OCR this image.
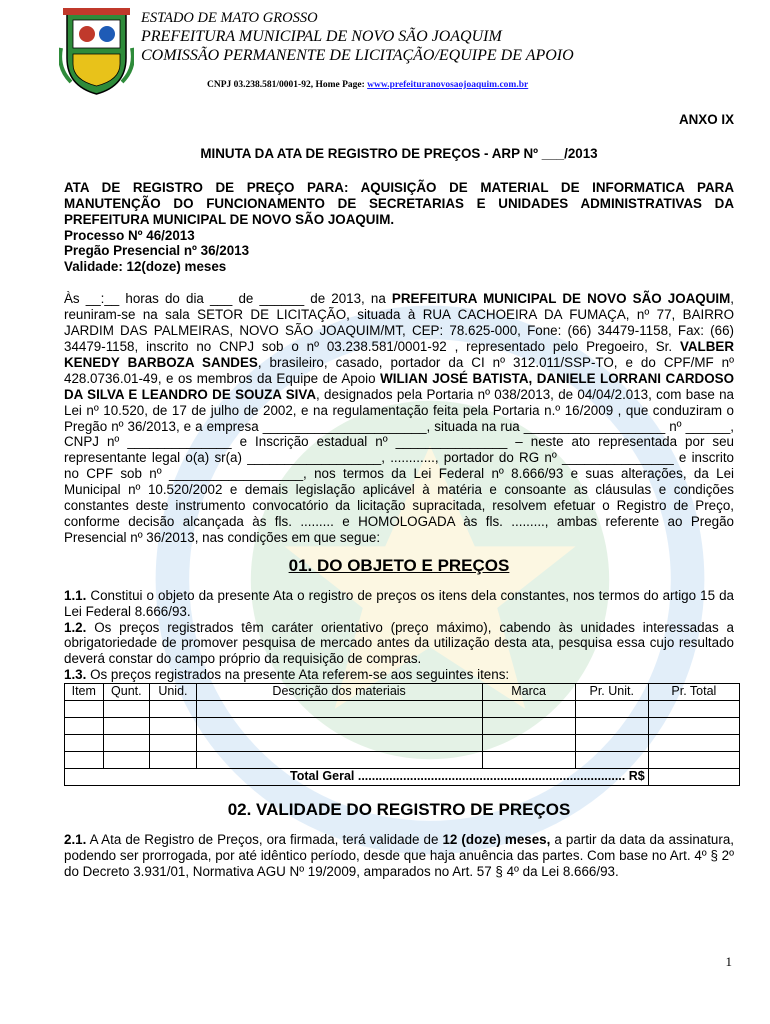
ESTADO DE MATO GROSSO
PREFEITURA MUNICIPAL DE NOVO SÃO JOAQUIM
COMISSÃO PERMANENTE DE LICITAÇÃO/EQUIPE DE APOIO
CNPJ 03.238.581/0001-92, Home Page: www.prefeituranovosaojoaquim.com.br
ANXO IX
MINUTA DA ATA DE REGISTRO DE PREÇOS - ARP Nº ___/2013
ATA DE REGISTRO DE PREÇO PARA: AQUISIÇÃO DE MATERIAL DE INFORMATICA PARA MANUTENÇÃO DO FUNCIONAMENTO DE SECRETARIAS E UNIDADES ADMINISTRATIVAS DA PREFEITURA MUNICIPAL DE NOVO SÃO JOAQUIM.
Processo Nº 46/2013
Pregão Presencial nº 36/2013
Validade: 12(doze) meses

Às __:__ horas do dia ___ de ______ de 2013, na PREFEITURA MUNICIPAL DE NOVO SÃO JOAQUIM, reuniram-se na sala SETOR DE LICITAÇÃO, situada à RUA CACHOEIRA DA FUMAÇA, nº 77, BAIRRO JARDIM DAS PALMEIRAS, NOVO SÃO JOAQUIM/MT, CEP: 78.625-000, Fone: (66) 34479-1158, Fax: (66) 34479-1158, inscrito no CNPJ sob o nº 03.238.581/0001-92 , representado pelo Pregoeiro, Sr. VALBER KENEDY BARBOZA SANDES, brasileiro, casado, portador da CI nº 312.011/SSP-TO, e do CPF/MF nº 428.0736.01-49, e os membros da Equipe de Apoio WILIAN JOSÉ BATISTA, DANIELE LORRANI CARDOSO DA SILVA E LEANDRO DE SOUZA SIVA, designados pela Portaria nº 038/2013, de 04/04/2.013, com base na Lei nº 10.520, de 17 de julho de 2002, e na regulamentação feita pela Portaria n.º 16/2009 , que conduziram o Pregão nº 36/2013, e a empresa ______________________, situada na rua ___________________ nº ______, CNPJ nº ______________ e Inscrição estadual nº _______________ – neste ato representada por seu representante legal o(a) sr(a) __________________, ............, portador do RG nº _______________ e inscrito no CPF sob nº __________________, nos termos da Lei Federal nº 8.666/93 e suas alterações, da Lei Municipal nº 10.520/2002 e demais legislação aplicável à matéria e consoante as cláusulas e condições constantes deste instrumento convocatório da licitação supracitada, resolvem efetuar o Registro de Preço, conforme decisão alcançada às fls. ......... e HOMOLOGADA às fls. ........., ambas referente ao Pregão Presencial nº 36/2013, nas condições em que segue:

01. DO OBJETO E PREÇOS

1.1. Constitui o objeto da presente Ata o registro de preços os itens dela constantes, nos termos do artigo 15 da Lei Federal 8.666/93.

1.2. Os preços registrados têm caráter orientativo (preço máximo), cabendo às unidades interessadas a obrigatoriedade de promover pesquisa de mercado antes da utilização desta ata, pesquisa essa cujo resultado deverá constar do campo próprio da requisição de compras.

1.3. Os preços registrados na presente Ata referem-se aos seguintes itens:

Item	Qunt.	Unid.	Descrição dos materiais	Marca	Pr. Unit.	Pr. Total

Total Geral ............................................................................. R$						
02. VALIDADE DO REGISTRO DE PREÇOS

2.1. A Ata de Registro de Preços, ora firmada, terá validade de 12 (doze) meses, a partir da data da assinatura, podendo ser prorrogada, por até idêntico período, desde que haja anuência das partes. Com base no Art. 4º § 2º do Decreto 3.931/01, Normativa AGU Nº 19/2009, amparados no Art. 57 § 4º da Lei 8.666/93.

1
